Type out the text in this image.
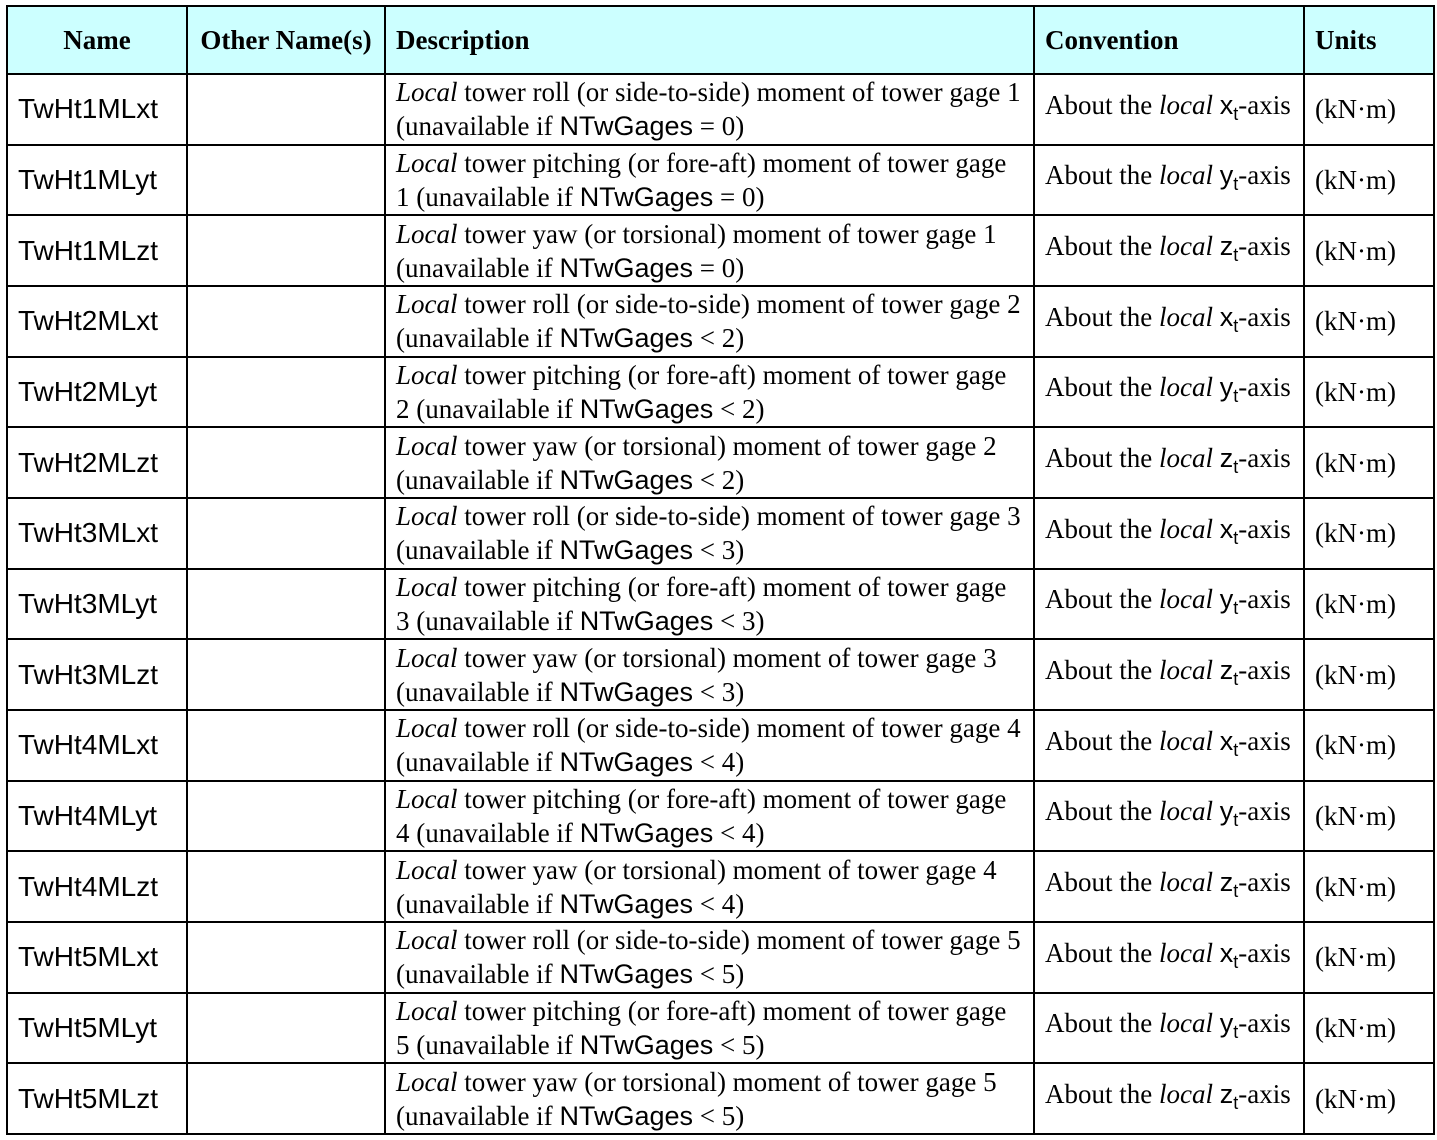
Name	Other Name(s)	Description	Convention	Units
TwHt1MLxt		Local tower roll (or side-to-side) moment of tower gage 1 (unavailable if NTwGages = 0)	About the local $x_t$-axis	(kN·m)
TwHt1MLyt		Local tower pitching (or fore-aft) moment of tower gage 1 (unavailable if NTwGages = 0)	About the local $y_t$-axis	(kN·m)
TwHt1MLzt		Local tower yaw (or torsional) moment of tower gage 1 (unavailable if NTwGages = 0)	About the local $z_t$-axis	(kN·m)
TwHt2MLxt		Local tower roll (or side-to-side) moment of tower gage 2 (unavailable if NTwGages < 2)	About the local $x_t$-axis	(kN·m)
TwHt2MLyt		Local tower pitching (or fore-aft) moment of tower gage 2 (unavailable if NTwGages < 2)	About the local $y_t$-axis	(kN·m)
TwHt2MLzt		Local tower yaw (or torsional) moment of tower gage 2 (unavailable if NTwGages < 2)	About the local $z_t$-axis	(kN·m)
TwHt3MLxt		Local tower roll (or side-to-side) moment of tower gage 3 (unavailable if NTwGages < 3)	About the local $x_t$-axis	(kN·m)
TwHt3MLyt		Local tower pitching (or fore-aft) moment of tower gage 3 (unavailable if NTwGages < 3)	About the local $y_t$-axis	(kN·m)
TwHt3MLzt		Local tower yaw (or torsional) moment of tower gage 3 (unavailable if NTwGages < 3)	About the local $z_t$-axis	(kN·m)
TwHt4MLxt		Local tower roll (or side-to-side) moment of tower gage 4 (unavailable if NTwGages < 4)	About the local $x_t$-axis	(kN·m)
TwHt4MLyt		Local tower pitching (or fore-aft) moment of tower gage 4 (unavailable if NTwGages < 4)	About the local $y_t$-axis	(kN·m)
TwHt4MLzt		Local tower yaw (or torsional) moment of tower gage 4 (unavailable if NTwGages < 4)	About the local $z_t$-axis	(kN·m)
TwHt5MLxt		Local tower roll (or side-to-side) moment of tower gage 5 (unavailable if NTwGages < 5)	About the local $x_t$-axis	(kN·m)
TwHt5MLyt		Local tower pitching (or fore-aft) moment of tower gage 5 (unavailable if NTwGages < 5)	About the local $y_t$-axis	(kN·m)
TwHt5MLzt		Local tower yaw (or torsional) moment of tower gage 5 (unavailable if NTwGages < 5)	About the local $z_t$-axis	(kN·m)
